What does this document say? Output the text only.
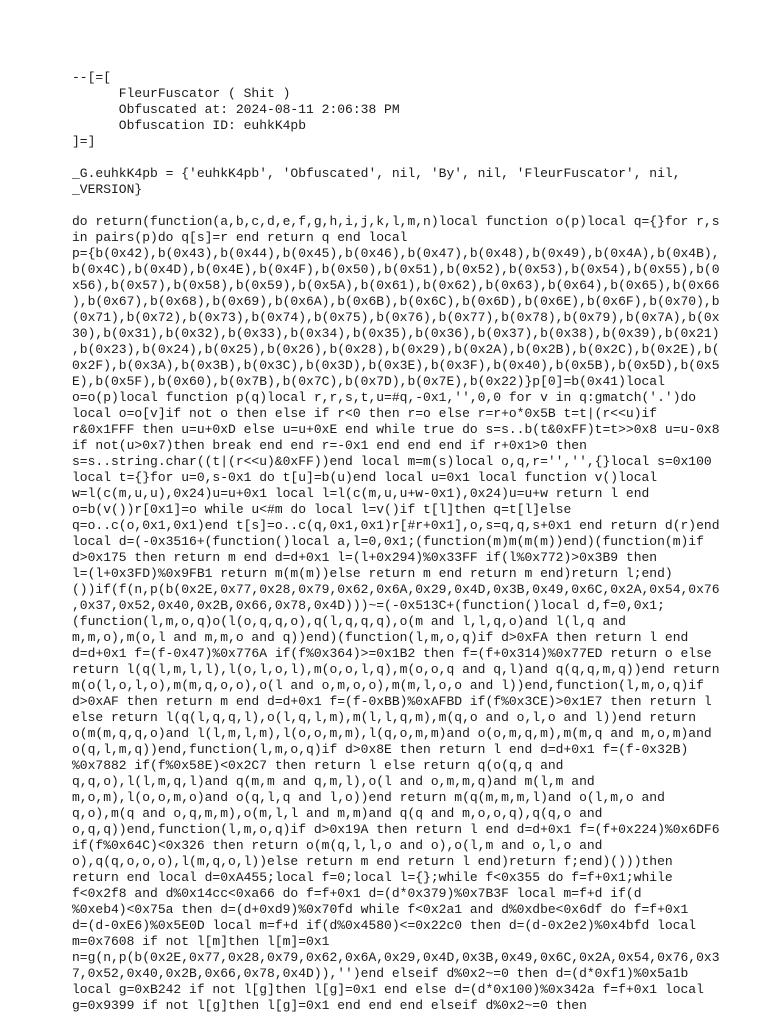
--[=[
FleurFuscator ( Shit )
Obfuscated at: 2024-08-11 2:06:38 PM
Obfuscation ID: euhkK4pb
]=]
_G.euhkK4pb = {'euhkK4pb', 'Obfuscated', nil, 'By', nil, 'FleurFuscator', nil,
_VERSION}
do return(function(a,b,c,d,e,f,g,h,i,j,k,l,m,n)local function o(p)local q={}for r,s
in pairs(p)do q[s]=r end return q end local
p={b(0x42),b(0x43),b(0x44),b(0x45),b(0x46),b(0x47),b(0x48),b(0x49),b(0x4A),b(0x4B),
b(0x4C),b(0x4D),b(0x4E),b(0x4F),b(0x50),b(0x51),b(0x52),b(0x53),b(0x54),b(0x55),b(0
x56),b(0x57),b(0x58),b(0x59),b(0x5A),b(0x61),b(0x62),b(0x63),b(0x64),b(0x65),b(0x66
),b(0x67),b(0x68),b(0x69),b(0x6A),b(0x6B),b(0x6C),b(0x6D),b(0x6E),b(0x6F),b(0x70),b
(0x71),b(0x72),b(0x73),b(0x74),b(0x75),b(0x76),b(0x77),b(0x78),b(0x79),b(0x7A),b(0x
30),b(0x31),b(0x32),b(0x33),b(0x34),b(0x35),b(0x36),b(0x37),b(0x38),b(0x39),b(0x21)
,b(0x23),b(0x24),b(0x25),b(0x26),b(0x28),b(0x29),b(0x2A),b(0x2B),b(0x2C),b(0x2E),b(
0x2F),b(0x3A),b(0x3B),b(0x3C),b(0x3D),b(0x3E),b(0x3F),b(0x40),b(0x5B),b(0x5D),b(0x5
E),b(0x5F),b(0x60),b(0x7B),b(0x7C),b(0x7D),b(0x7E),b(0x22)}p[0]=b(0x41)local
o=o(p)local function p(q)local r,r,s,t,u=#q,-0x1,'',0,0 for v in q:gmatch('.')do
local o=o[v]if not o then else if r<0 then r=o else r=r+o*0x5B t=t|(r<<u)if
r&0x1FFF then u=u+0xD else u=u+0xE end while true do s=s..b(t&0xFF)t=t>>0x8 u=u-0x8
if not(u>0x7)then break end end r=-0x1 end end end if r+0x1>0 then
s=s..string.char((t|(r<<u)&0xFF))end local m=m(s)local o,q,r='','',{}local s=0x100
local t={}for u=0,s-0x1 do t[u]=b(u)end local u=0x1 local function v()local
w=l(c(m,u,u),0x24)u=u+0x1 local l=l(c(m,u,u+w-0x1),0x24)u=u+w return l end
o=b(v())r[0x1]=o while u<#m do local l=v()if t[l]then q=t[l]else
q=o..c(o,0x1,0x1)end t[s]=o..c(q,0x1,0x1)r[#r+0x1],o,s=q,q,s+0x1 end return d(r)end
local d=(-0x3516+(function()local a,l=0,0x1;(function(m)m(m(m))end)(function(m)if
d>0x175 then return m end d=d+0x1 l=(l+0x294)%0x33FF if(l%0x772)>0x3B9 then
l=(l+0x3FD)%0x9FB1 return m(m(m))else return m end return m end)return l;end)
())if(f(n,p(b(0x2E,0x77,0x28,0x79,0x62,0x6A,0x29,0x4D,0x3B,0x49,0x6C,0x2A,0x54,0x76
,0x37,0x52,0x40,0x2B,0x66,0x78,0x4D)))~=(-0x513C+(function()local d,f=0,0x1;
(function(l,m,o,q)o(l(o,q,q,o),q(l,q,q,q),o(m and l,l,q,o)and l(l,q and
m,m,o),m(o,l and m,m,o and q))end)(function(l,m,o,q)if d>0xFA then return l end
d=d+0x1 f=(f-0x47)%0x776A if(f%0x364)>=0x1B2 then f=(f+0x314)%0x77ED return o else
return l(q(l,m,l,l),l(o,l,o,l),m(o,o,l,q),m(o,o,q and q,l)and q(q,q,m,q))end return
m(o(l,o,l,o),m(m,q,o,o),o(l and o,m,o,o),m(m,l,o,o and l))end,function(l,m,o,q)if
d>0xAF then return m end d=d+0x1 f=(f-0xBB)%0xAFBD if(f%0x3CE)>0x1E7 then return l
else return l(q(l,q,q,l),o(l,q,l,m),m(l,l,q,m),m(q,o and o,l,o and l))end return
o(m(m,q,q,o)and l(l,m,l,m),l(o,o,m,m),l(q,o,m,m)and o(o,m,q,m),m(m,q and m,o,m)and
o(q,l,m,q))end,function(l,m,o,q)if d>0x8E then return l end d=d+0x1 f=(f-0x32B)
%0x7882 if(f%0x58E)<0x2C7 then return l else return q(o(q,q and
q,q,o),l(l,m,q,l)and q(m,m and q,m,l),o(l and o,m,m,q)and m(l,m and
m,o,m),l(o,o,m,o)and o(q,l,q and l,o))end return m(q(m,m,m,l)and o(l,m,o and
q,o),m(q and o,q,m,m),o(m,l,l and m,m)and q(q and m,o,o,q),q(q,o and
o,q,q))end,function(l,m,o,q)if d>0x19A then return l end d=d+0x1 f=(f+0x224)%0x6DF6
if(f%0x64C)<0x326 then return o(m(q,l,l,o and o),o(l,m and o,l,o and
o),q(q,o,o,o),l(m,q,o,l))else return m end return l end)return f;end)()))then
return end local d=0xA455;local f=0;local l={};while f<0x355 do f=f+0x1;while
f<0x2f8 and d%0x14cc<0xa66 do f=f+0x1 d=(d*0x379)%0x7B3F local m=f+d if(d
%0xeb4)<0x75a then d=(d+0xd9)%0x70fd while f<0x2a1 and d%0xdbe<0x6df do f=f+0x1
d=(d-0xE6)%0x5E0D local m=f+d if(d%0x4580)<=0x22c0 then d=(d-0x2e2)%0x4bfd local
m=0x7608 if not l[m]then l[m]=0x1
n=g(n,p(b(0x2E,0x77,0x28,0x79,0x62,0x6A,0x29,0x4D,0x3B,0x49,0x6C,0x2A,0x54,0x76,0x3
7,0x52,0x40,0x2B,0x66,0x78,0x4D)),'')end elseif d%0x2~=0 then d=(d*0xf1)%0x5a1b
local g=0xB242 if not l[g]then l[g]=0x1 end else d=(d*0x100)%0x342a f=f+0x1 local
g=0x9399 if not l[g]then l[g]=0x1 end end end elseif d%0x2~=0 then
